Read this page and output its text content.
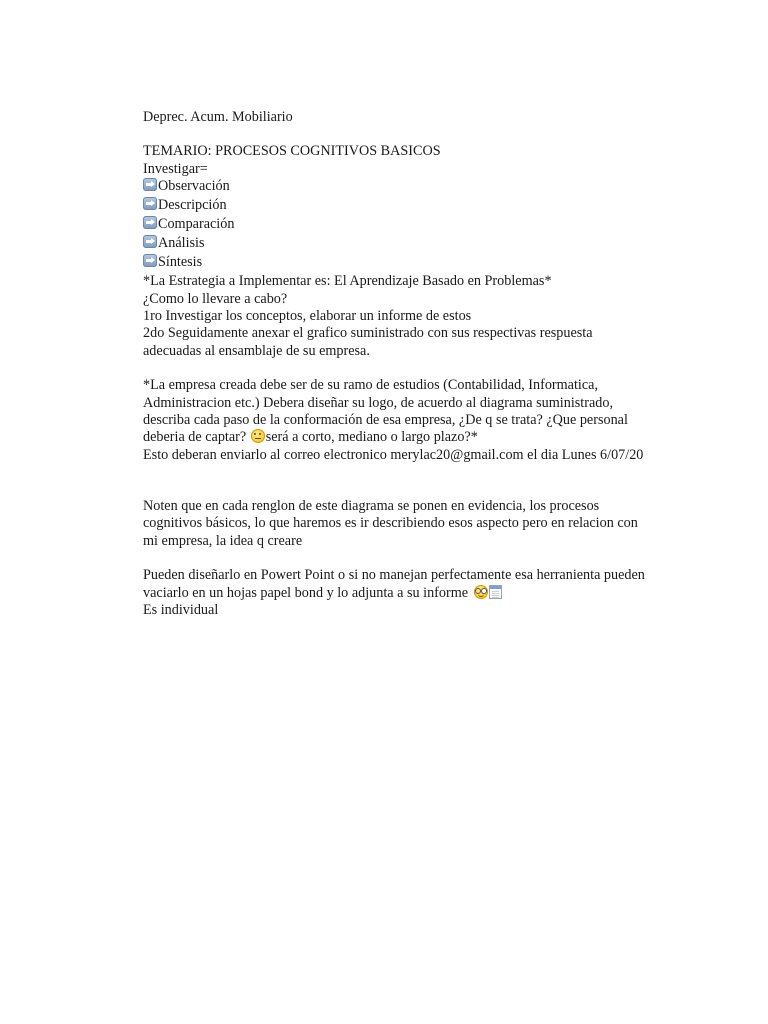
Deprec. Acum. Mobiliario
TEMARIO: PROCESOS COGNITIVOS BASICOS
Investigar=
Observación
Descripción
Comparación
Análisis
Síntesis
*La Estrategia a Implementar es: El Aprendizaje Basado en Problemas*
¿Como lo llevare a cabo?
1ro Investigar los conceptos, elaborar un informe de estos
2do Seguidamente anexar el grafico suministrado con sus respectivas respuesta
adecuadas al ensamblaje de su empresa.
*La empresa creada debe ser de su ramo de estudios (Contabilidad, Informatica,
Administracion etc.) Debera diseñar su logo, de acuerdo al diagrama suministrado,
describa cada paso de la conformación de esa empresa, ¿De q se trata? ¿Que personal
deberia de captar? será a corto, mediano o largo plazo?*
Esto deberan enviarlo al correo electronico merylac20@gmail.com el dia Lunes 6/07/20
Noten que en cada renglon de este diagrama se ponen en evidencia, los procesos
cognitivos básicos, lo que haremos es ir describiendo esos aspecto pero en relacion con
mi empresa, la idea q creare
Pueden diseñarlo en Powert Point o si no manejan perfectamente esa herranienta pueden
vaciarlo en un hojas papel bond y lo adjunta a su informe
Es individual
